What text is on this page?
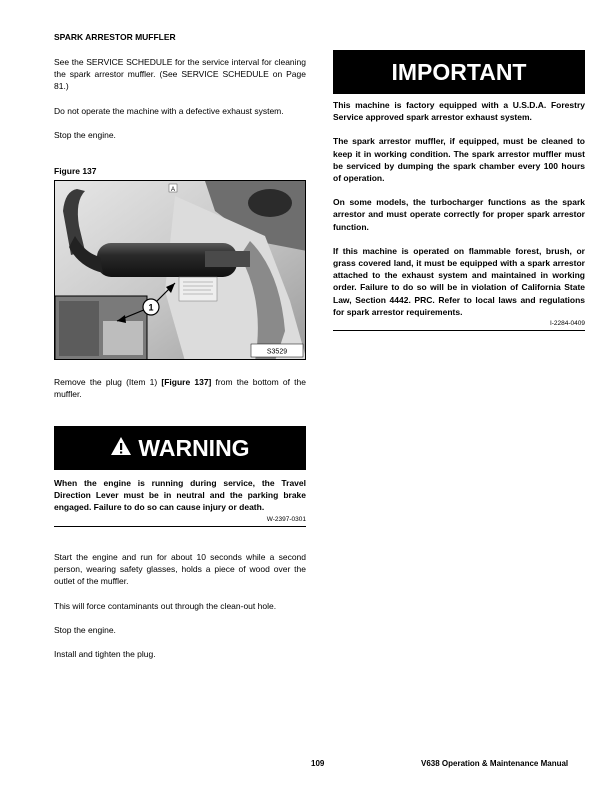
SPARK ARRESTOR MUFFLER

See the SERVICE SCHEDULE for the service interval for cleaning the spark arrestor muffler. (See SERVICE SCHEDULE on Page 81.)

Do not operate the machine with a defective exhaust system.

Stop the engine.

Figure 137
1
A
S3529

Remove the plug (Item 1) [Figure 137] from the bottom of the muffler.

WARNING

When the engine is running during service, the Travel Direction Lever must be in neutral and the parking brake engaged. Failure to do so can cause injury or death.

W-2397-0301

Start the engine and run for about 10 seconds while a second person, wearing safety glasses, holds a piece of wood over the outlet of the muffler.

This will force contaminants out through the clean-out hole.

Stop the engine.

Install and tighten the plug.

IMPORTANT

This machine is factory equipped with a U.S.D.A. Forestry Service approved spark arrestor exhaust system.

The spark arrestor muffler, if equipped, must be cleaned to keep it in working condition. The spark arrestor muffler must be serviced by dumping the spark chamber every 100 hours of operation.

On some models, the turbocharger functions as the spark arrestor and must operate correctly for proper spark arrestor function.

If this machine is operated on flammable forest, brush, or grass covered land, it must be equipped with a spark arrestor attached to the exhaust system and maintained in working order. Failure to do so will be in violation of California State Law, Section 4442. PRC. Refer to local laws and regulations for spark arrestor requirements.

I-2284-0409
109	V638 Operation & Maintenance Manual
